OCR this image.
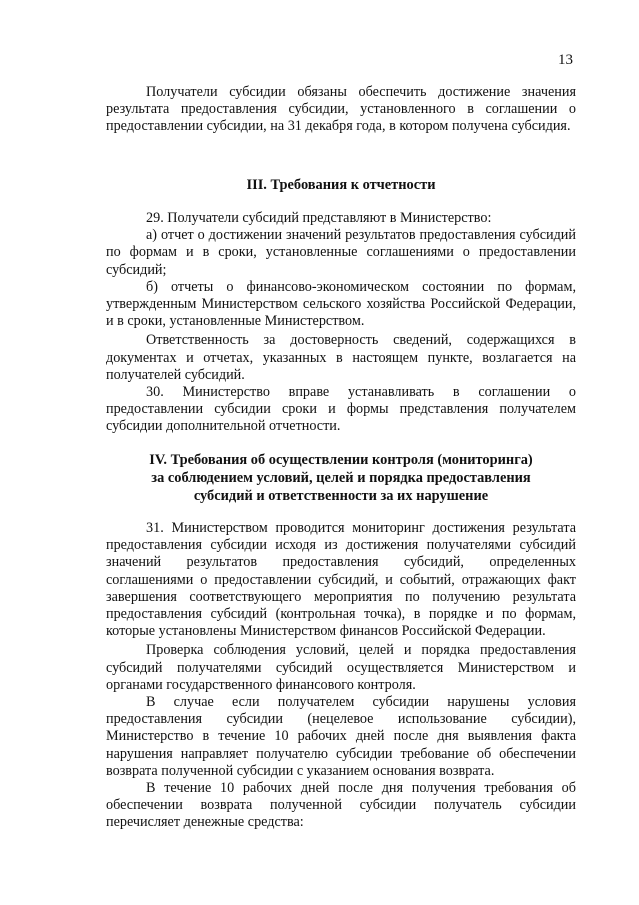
13

Получатели субсидии обязаны обеспечить достижение значения результата предоставления субсидии, установленного в соглашении о предоставлении субсидии, на 31 декабря года, в котором получена субсидия.

III. Требования к отчетности

29. Получатели субсидий представляют в Министерство:

а) отчет о достижении значений результатов предоставления субсидий по формам и в сроки, установленные соглашениями о предоставлении субсидий;

б) отчеты о финансово-экономическом состоянии по формам, утвержденным Министерством сельского хозяйства Российской Федерации, и в сроки, установленные Министерством.

Ответственность за достоверность сведений, содержащихся в документах и отчетах, указанных в настоящем пункте, возлагается на получателей субсидий.

30. Министерство вправе устанавливать в соглашении о предоставлении субсидии сроки и формы представления получателем субсидии дополнительной отчетности.

IV. Требования об осуществлении контроля (мониторинга)

за соблюдением условий, целей и порядка предоставления

субсидий и ответственности за их нарушение

31. Министерством проводится мониторинг достижения результата предоставления субсидии исходя из достижения получателями субсидий значений результатов предоставления субсидий, определенных соглашениями о предоставлении субсидий, и событий, отражающих факт завершения соответствующего мероприятия по получению результата предоставления субсидий (контрольная точка), в порядке и по формам, которые установлены Министерством финансов Российской Федерации.

Проверка соблюдения условий, целей и порядка предоставления субсидий получателями субсидий осуществляется Министерством и органами государственного финансового контроля.

В случае если получателем субсидии нарушены условия предоставления субсидии (нецелевое использование субсидии), Министерство в течение 10 рабочих дней после дня выявления факта нарушения направляет получателю субсидии требование об обеспечении возврата полученной субсидии с указанием основания возврата.

В течение 10 рабочих дней после дня получения требования об обеспечении возврата полученной субсидии получатель субсидии перечисляет денежные средства:
